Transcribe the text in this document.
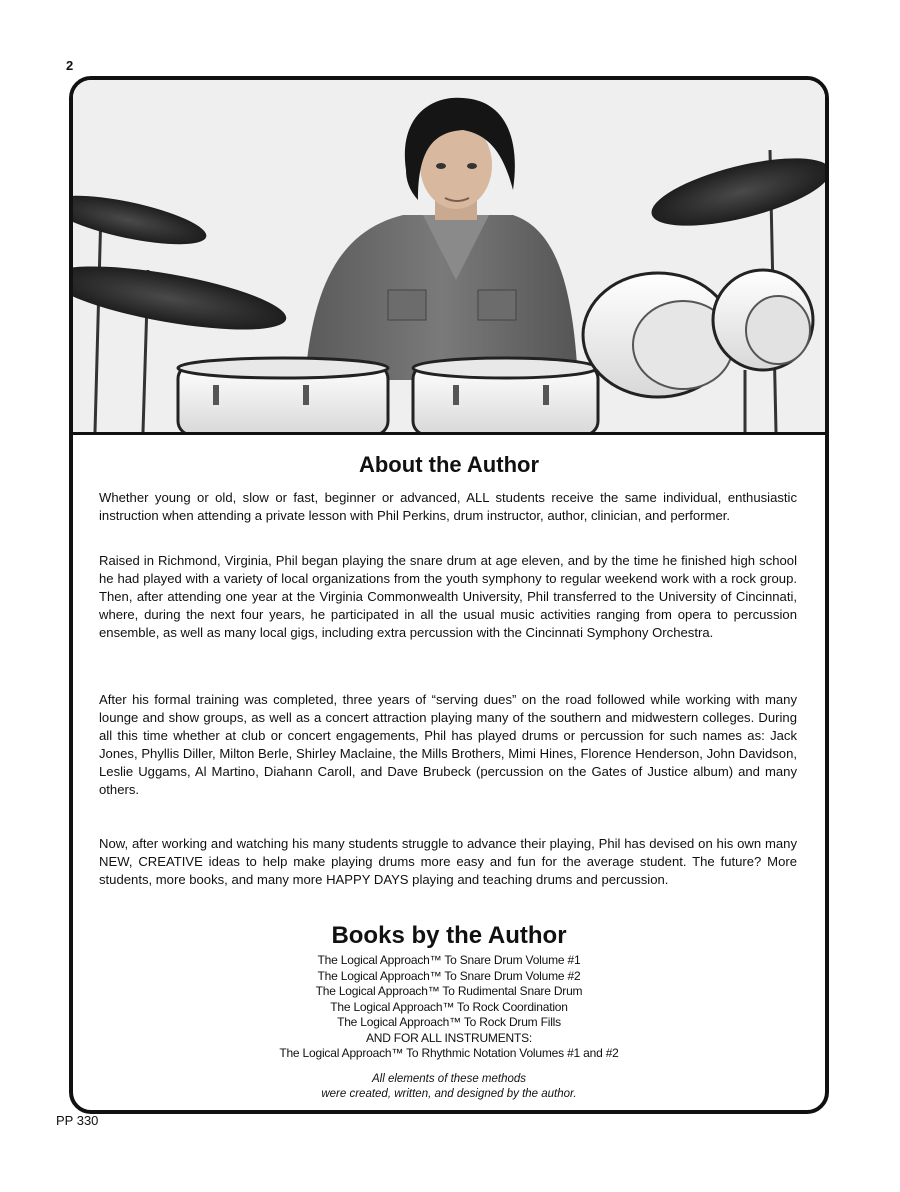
2
About the Author

Whether young or old, slow or fast, beginner or advanced, ALL students receive the same individual, enthusiastic instruction when attending a private lesson with Phil Perkins, drum instructor, author, clinician, and performer.

Raised in Richmond, Virginia, Phil began playing the snare drum at age eleven, and by the time he finished high school he had played with a variety of local organizations from the youth symphony to regular weekend work with a rock group. Then, after attending one year at the Virginia Commonwealth University, Phil transferred to the University of Cincinnati, where, during the next four years, he participated in all the usual music activities ranging from opera to percussion ensemble, as well as many local gigs, including extra percussion with the Cincinnati Symphony Orchestra.

After his formal training was completed, three years of “serving dues” on the road followed while working with many lounge and show groups, as well as a concert attraction playing many of the southern and midwestern colleges. During all this time whether at club or concert engagements, Phil has played drums or percussion for such names as: Jack Jones, Phyllis Diller, Milton Berle, Shirley Maclaine, the Mills Brothers, Mimi Hines, Florence Henderson, John Davidson, Leslie Uggams, Al Martino, Diahann Caroll, and Dave Brubeck (percussion on the Gates of Justice album) and many others.

Now, after working and watching his many students struggle to advance their playing, Phil has devised on his own many NEW, CREATIVE ideas to help make playing drums more easy and fun for the average student. The future? More students, more books, and many more HAPPY DAYS playing and teaching drums and percussion.

Books by the Author
The Logical Approach™ To Snare Drum Volume #1
The Logical Approach™ To Snare Drum Volume #2
The Logical Approach™ To Rudimental Snare Drum
The Logical Approach™ To Rock Coordination
The Logical Approach™ To Rock Drum Fills
AND FOR ALL INSTRUMENTS:
The Logical Approach™ To Rhythmic Notation Volumes #1 and #2
All elements of these methods
were created, written, and designed by the author.
PP 330
